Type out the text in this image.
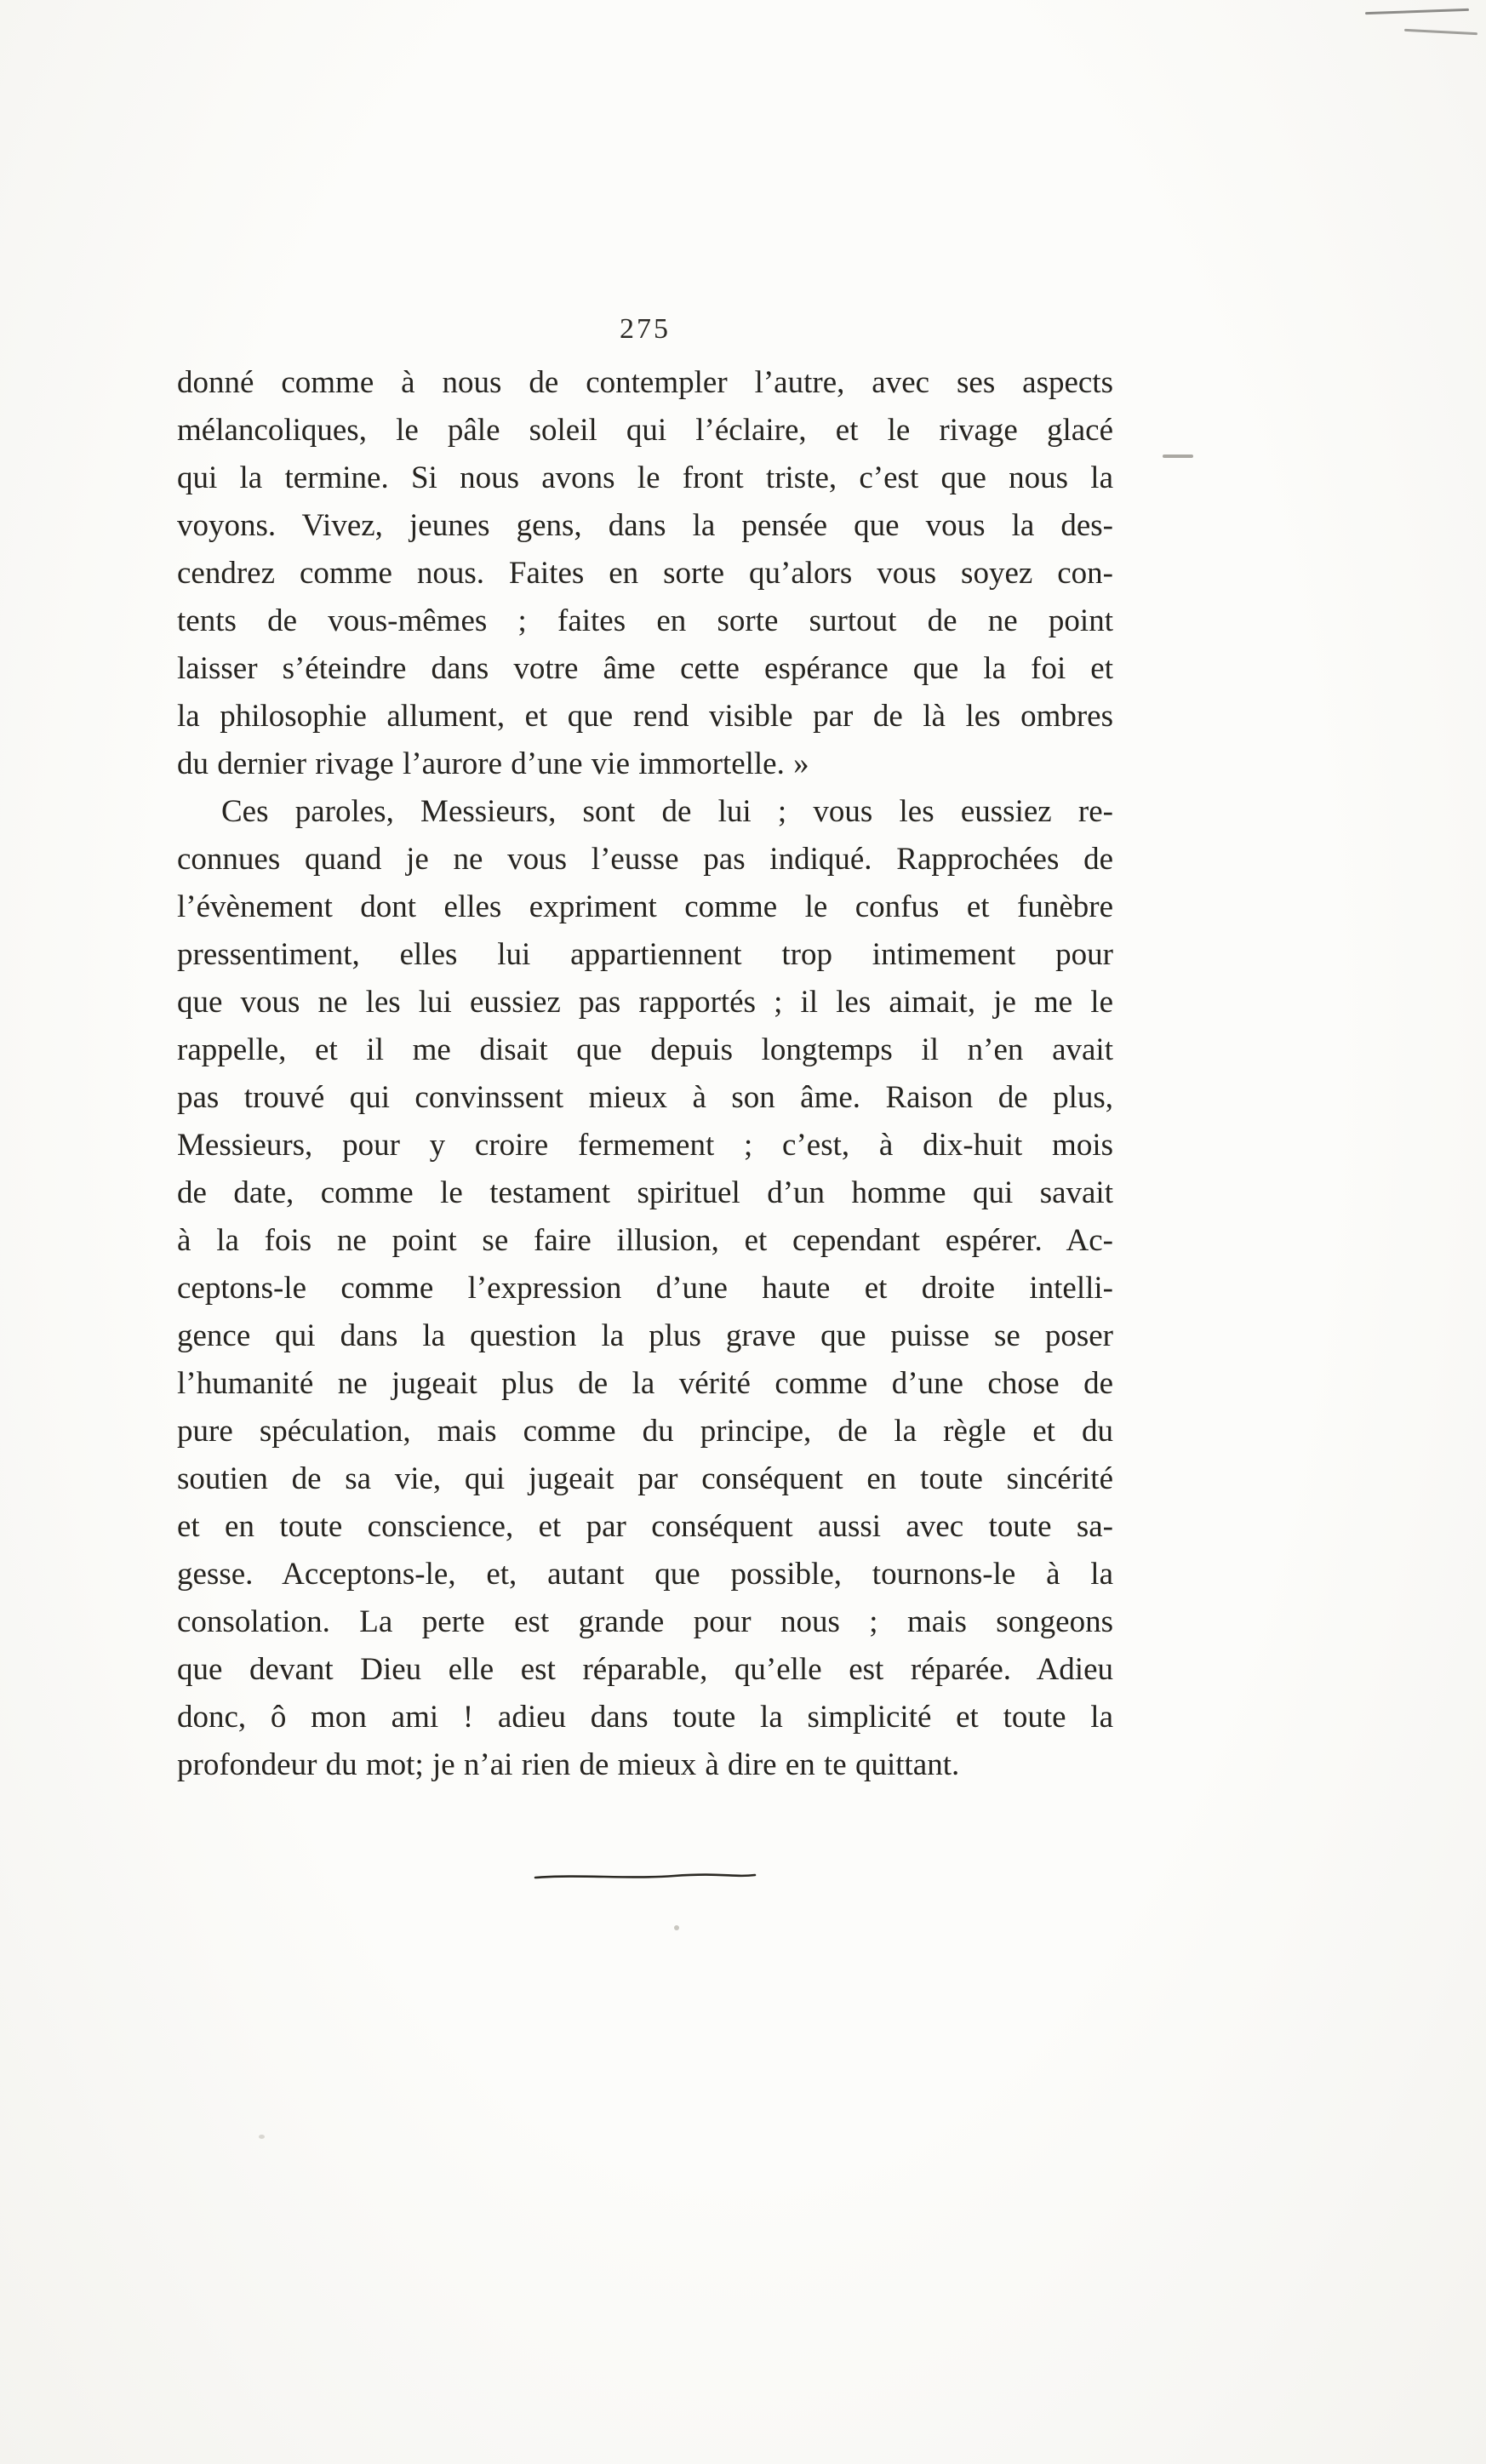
275

donné comme à nous de contempler l’autre, avec ses aspects
mélancoliques, le pâle soleil qui l’éclaire, et le rivage glacé
qui la termine. Si nous avons le front triste, c’est que nous la
voyons. Vivez, jeunes gens, dans la pensée que vous la des-
cendrez comme nous. Faites en sorte qu’alors vous soyez con-
tents de vous-mêmes ; faites en sorte surtout de ne point
laisser s’éteindre dans votre âme cette espérance que la foi et
la philosophie allument, et que rend visible par de là les ombres
du dernier rivage l’aurore d’une vie immortelle. »

Ces paroles, Messieurs, sont de lui ; vous les eussiez re-
connues quand je ne vous l’eusse pas indiqué. Rapprochées de
l’évènement dont elles expriment comme le confus et funèbre
pressentiment, elles lui appartiennent trop intimement pour
que vous ne les lui eussiez pas rapportés ; il les aimait, je me le
rappelle, et il me disait que depuis longtemps il n’en avait
pas trouvé qui convinssent mieux à son âme. Raison de plus,
Messieurs, pour y croire fermement ; c’est, à dix-huit mois
de date, comme le testament spirituel d’un homme qui savait
à la fois ne point se faire illusion, et cependant espérer. Ac-
ceptons-le comme l’expression d’une haute et droite intelli-
gence qui dans la question la plus grave que puisse se poser
l’humanité ne jugeait plus de la vérité comme d’une chose de
pure spéculation, mais comme du principe, de la règle et du
soutien de sa vie, qui jugeait par conséquent en toute sincérité
et en toute conscience, et par conséquent aussi avec toute sa-
gesse. Acceptons-le, et, autant que possible, tournons-le à la
consolation. La perte est grande pour nous ; mais songeons
que devant Dieu elle est réparable, qu’elle est réparée. Adieu
donc, ô mon ami ! adieu dans toute la simplicité et toute la
profondeur du mot; je n’ai rien de mieux à dire en te quittant.
